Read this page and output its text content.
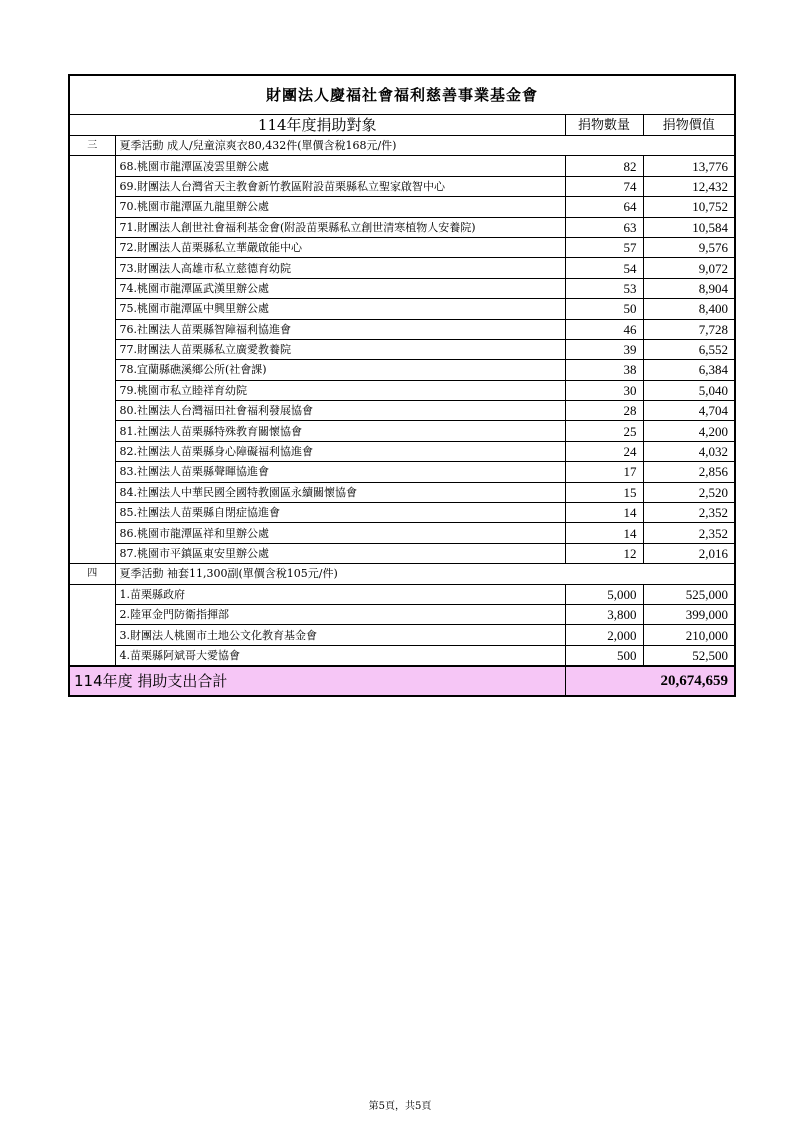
財團法人慶福社會福利慈善事業基金會			
114年度捐助對象		捐物數量	捐物價值
三	夏季活動 成人/兒童涼爽衣80,432件(單價含稅168元/件)		
	68.桃園市龍潭區凌雲里辦公處	82	13,776
	69.財團法人台灣省天主教會新竹教區附設苗栗縣私立聖家啟智中心	74	12,432
	70.桃園市龍潭區九龍里辦公處	64	10,752
	71.財團法人創世社會福利基金會(附設苗栗縣私立創世清寒植物人安養院)	63	10,584
	72.財團法人苗栗縣私立華嚴啟能中心	57	9,576
	73.財團法人高雄市私立慈德育幼院	54	9,072
	74.桃園市龍潭區武漢里辦公處	53	8,904
	75.桃園市龍潭區中興里辦公處	50	8,400
	76.社團法人苗栗縣智障福利協進會	46	7,728
	77.財團法人苗栗縣私立廣愛教養院	39	6,552
	78.宜蘭縣礁溪鄉公所(社會課)	38	6,384
	79.桃園市私立睦祥育幼院	30	5,040
	80.社團法人台灣福田社會福利發展協會	28	4,704
	81.社團法人苗栗縣特殊教育關懷協會	25	4,200
	82.社團法人苗栗縣身心障礙福利協進會	24	4,032
	83.社團法人苗栗縣聲暉協進會	17	2,856
	84.社團法人中華民國全國特教園區永續關懷協會	15	2,520
	85.社團法人苗栗縣自閉症協進會	14	2,352
	86.桃園市龍潭區祥和里辦公處	14	2,352
	87.桃園市平鎮區東安里辦公處	12	2,016
四	夏季活動 袖套11,300副(單價含稅105元/件)		
	1.苗栗縣政府	5,000	525,000
	2.陸軍金門防衛指揮部	3,800	399,000
	3.財團法人桃園市土地公文化教育基金會	2,000	210,000
	4.苗栗縣阿斌哥大愛協會	500	52,500
114年度 捐助支出合計		20,674,659	
第5頁，共5頁
